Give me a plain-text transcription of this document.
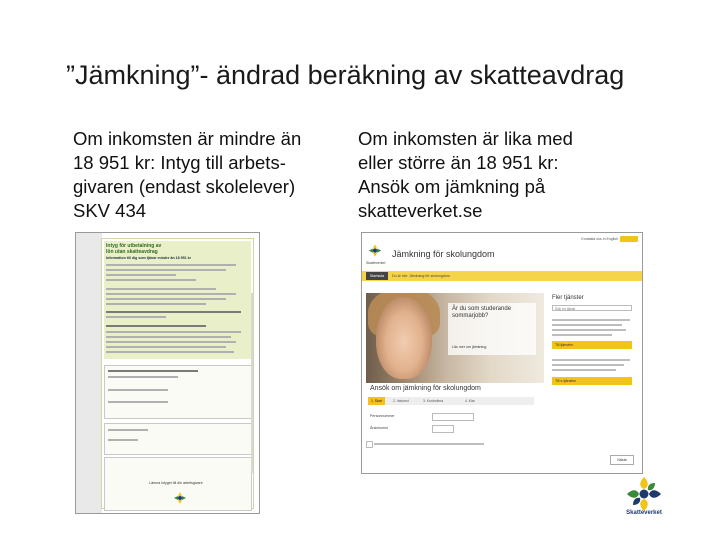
”Jämkning”- ändrad beräkning av skatteavdrag
Om inkomsten är mindre än
18 951 kr: Intyg till arbets-
givaren (endast skolelever)
SKV 434
Om inkomsten är lika med
eller större än 18 951 kr:
Ansök om jämkning på
skatteverket.se
Intyg för utbetalning av
lön utan skatteavdrag
Information till dig som tjänar mindre än 18 951 kr
Lämna intyget till din arbetsgivare
Skatteverket
Jämkning för skolungdom
Kontakta oss In English
Startsida	Du är här: Jämkning för skolungdom
Är du som studerande
sommarjobb?
Läs mer om jämkning
Fler tjänster
Sök en tjänst
Till tjänsten
Till e-tjänsten
Ansök om jämkning för skolungdom
1. Start	2. Inkomst	3. Kontrollera	4. Klar
Personnummer
Årsinkomst
Nästa
Skatteverket
